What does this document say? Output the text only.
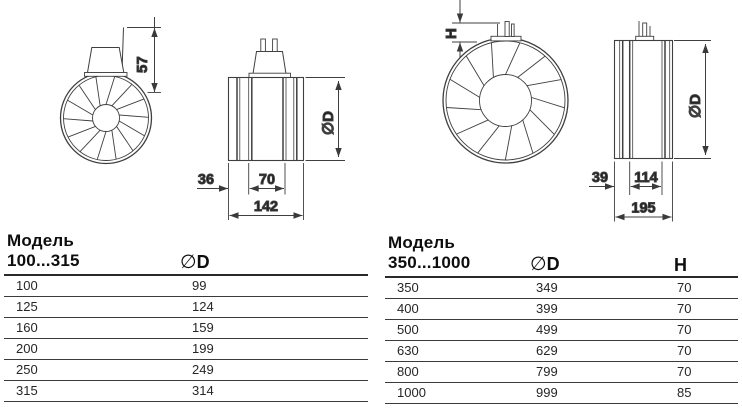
57
∅D
36	70
142
H
∅D
39 114
195
Модель
100...315	∅D
100	99
125	124
160	159
200	199
250	249
315	314
Модель
350...1000	∅D	H
350	349	70
400	399	70
500	499	70
630	629	70
800	799	70
1000	999	85
